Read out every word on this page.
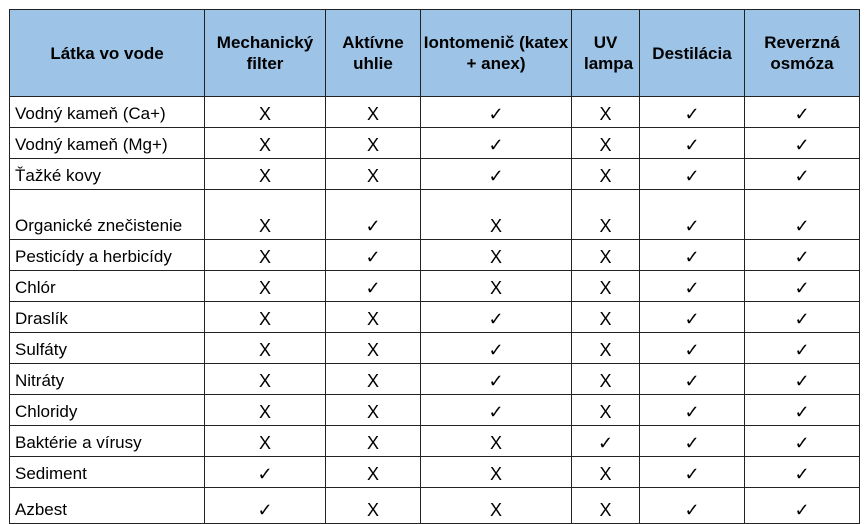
Látka vo vode	Mechanický filter	Aktívne uhlie	Iontomenič (katex + anex)	UV lampa	Destilácia	Reverzná osmóza
Vodný kameň (Ca+)	X	X	✓	X	✓	✓
Vodný kameň (Mg+)	X	X	✓	X	✓	✓
Ťažké kovy	X	X	✓	X	✓	✓
Organické znečistenie	X	✓	X	X	✓	✓
Pesticídy a herbicídy	X	✓	X	X	✓	✓
Chlór	X	✓	X	X	✓	✓
Draslík	X	X	✓	X	✓	✓
Sulfáty	X	X	✓	X	✓	✓
Nitráty	X	X	✓	X	✓	✓
Chloridy	X	X	✓	X	✓	✓
Baktérie a vírusy	X	X	X	✓	✓	✓
Sediment	✓	X	X	X	✓	✓
Azbest	✓	X	X	X	✓	✓
